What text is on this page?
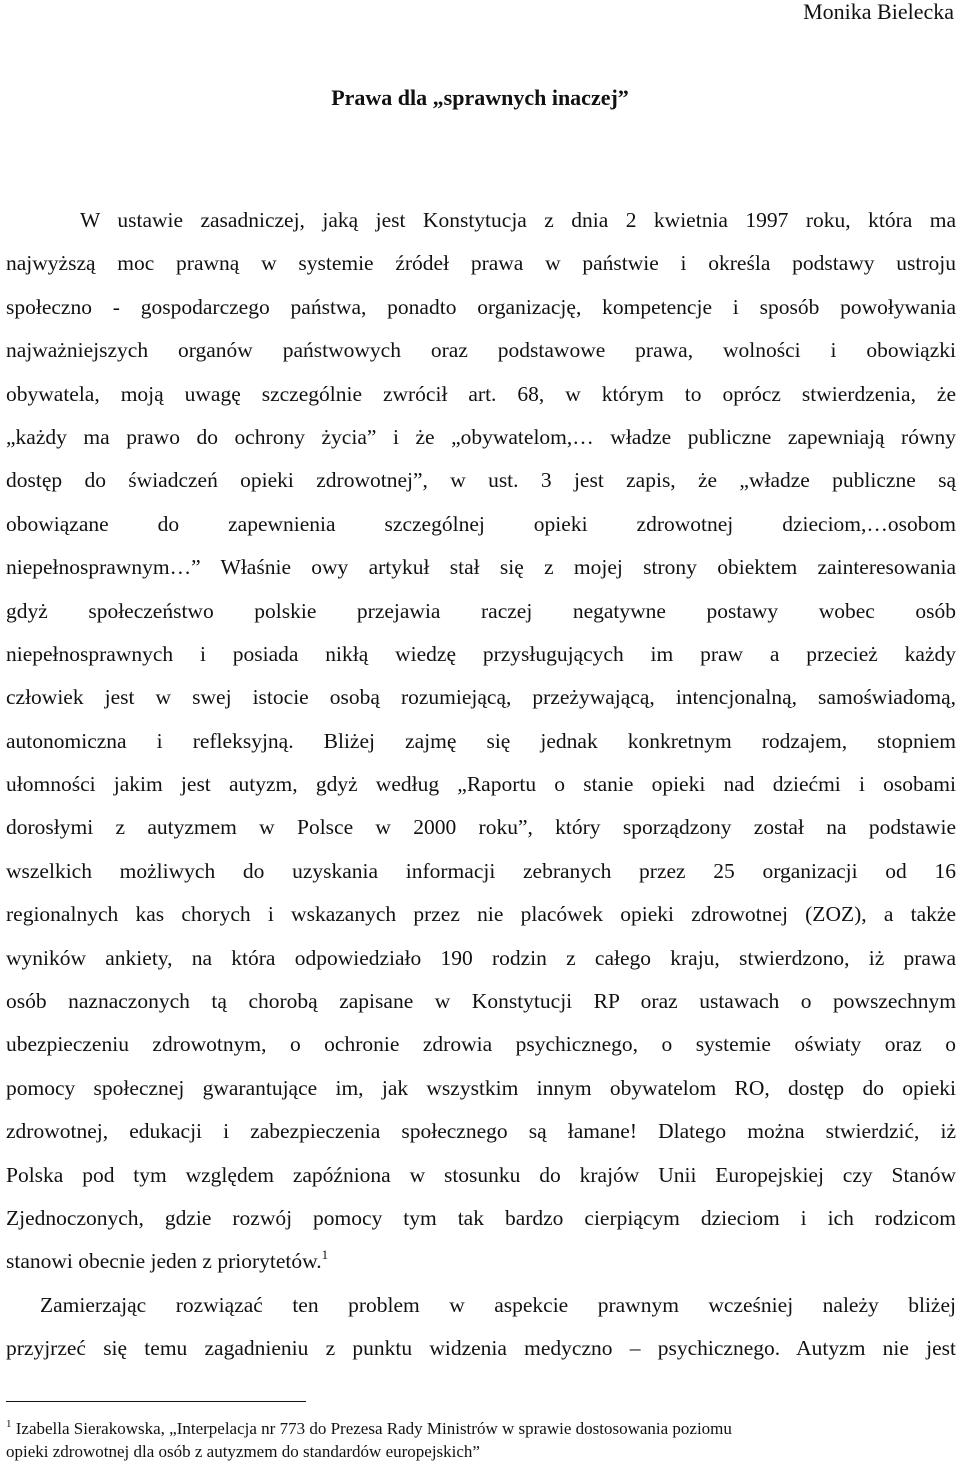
Monika Bielecka
Prawa dla „sprawnych inaczej”
W ustawie zasadniczej, jaką jest Konstytucja z dnia 2 kwietnia 1997 roku, która ma
najwyższą moc prawną w systemie źródeł prawa w państwie i określa podstawy ustroju
społeczno - gospodarczego państwa, ponadto organizację, kompetencje i sposób powoływania
najważniejszych organów państwowych oraz podstawowe prawa, wolności i obowiązki
obywatela, moją uwagę szczególnie zwrócił art. 68, w którym to oprócz stwierdzenia, że
„każdy ma prawo do ochrony życia” i że „obywatelom,… władze publiczne zapewniają równy
dostęp do świadczeń opieki zdrowotnej”, w ust. 3 jest zapis, że „władze publiczne są
obowiązane do zapewnienia szczególnej opieki zdrowotnej dzieciom,…osobom
niepełnosprawnym…” Właśnie owy artykuł stał się z mojej strony obiektem zainteresowania
gdyż społeczeństwo polskie przejawia raczej negatywne postawy wobec osób
niepełnosprawnych i posiada nikłą wiedzę przysługujących im praw a przecież każdy
człowiek jest w swej istocie osobą rozumiejącą, przeżywającą, intencjonalną, samoświadomą,
autonomiczna i refleksyjną. Bliżej zajmę się jednak konkretnym rodzajem, stopniem
ułomności jakim jest autyzm, gdyż według „Raportu o stanie opieki nad dziećmi i osobami
dorosłymi z autyzmem w Polsce w 2000 roku”, który sporządzony został na podstawie
wszelkich możliwych do uzyskania informacji zebranych przez 25 organizacji od 16
regionalnych kas chorych i wskazanych przez nie placówek opieki zdrowotnej (ZOZ), a także
wyników ankiety, na która odpowiedziało 190 rodzin z całego kraju, stwierdzono, iż prawa
osób naznaczonych tą chorobą zapisane w Konstytucji RP oraz ustawach o powszechnym
ubezpieczeniu zdrowotnym, o ochronie zdrowia psychicznego, o systemie oświaty oraz o
pomocy społecznej gwarantujące im, jak wszystkim innym obywatelom RO, dostęp do opieki
zdrowotnej, edukacji i zabezpieczenia społecznego są łamane! Dlatego można stwierdzić, iż
Polska pod tym względem zapóźniona w stosunku do krajów Unii Europejskiej czy Stanów
Zjednoczonych, gdzie rozwój pomocy tym tak bardzo cierpiącym dzieciom i ich rodzicom
stanowi obecnie jeden z priorytetów.$^1$
Zamierzając rozwiązać ten problem w aspekcie prawnym wcześniej należy bliżej
przyjrzeć się temu zagadnieniu z punktu widzenia medyczno – psychicznego. Autyzm nie jest
$^1$ Izabella Sierakowska, „Interpelacja nr 773 do Prezesa Rady Ministrów w sprawie dostosowania poziomu
opieki zdrowotnej dla osób z autyzmem do standardów europejskich”
